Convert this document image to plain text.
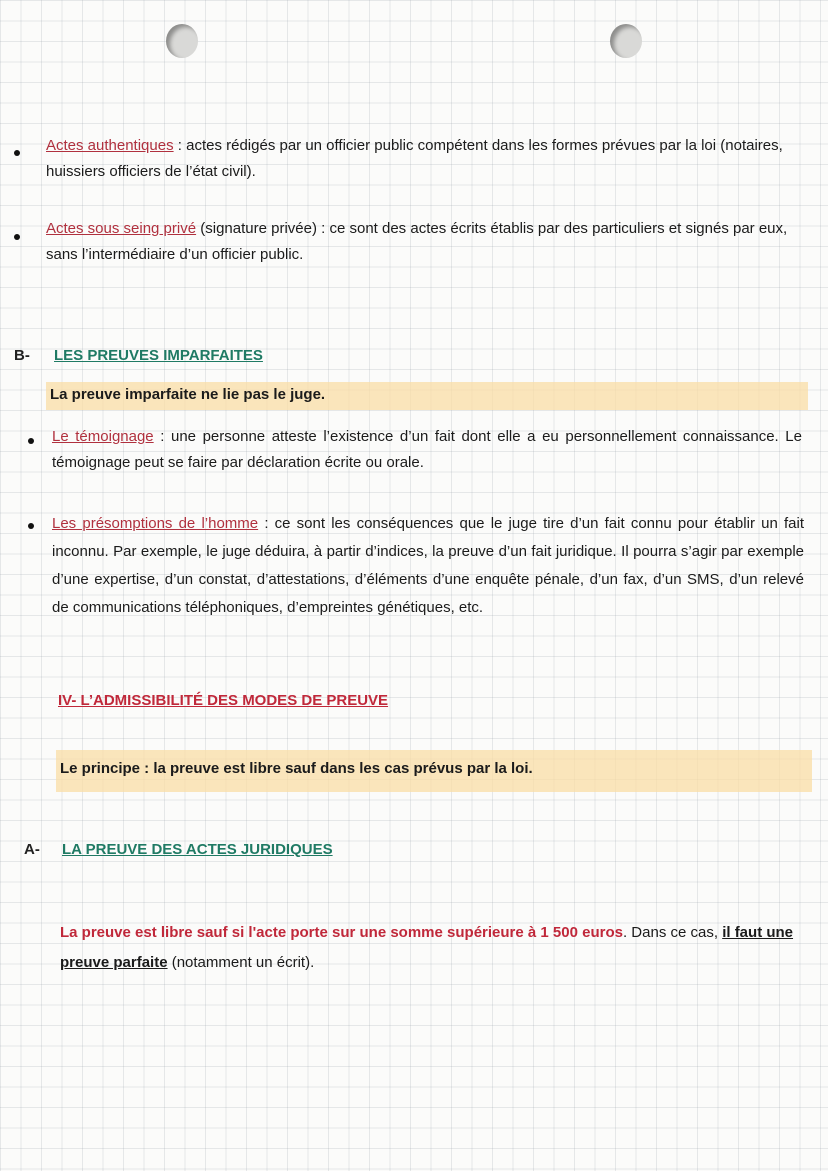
Actes authentiques : actes rédigés par un officier public compétent dans les formes prévues par la loi (notaires, huissiers officiers de l’état civil).
Actes sous seing privé (signature privée) : ce sont des actes écrits établis par des particuliers et signés par eux, sans l’intermédiaire d’un officier public.
B- LES PREUVES IMPARFAITES
La preuve imparfaite ne lie pas le juge.
Le témoignage : une personne atteste l’existence d’un fait dont elle a eu personnellement connaissance. Le témoignage peut se faire par déclaration écrite ou orale.
Les présomptions de l’homme : ce sont les conséquences que le juge tire d’un fait connu pour établir un fait inconnu. Par exemple, le juge déduira, à partir d’indices, la preuve d’un fait juridique. Il pourra s’agir par exemple d’une expertise, d’un constat, d’attestations, d’éléments d’une enquête pénale, d’un fax, d’un SMS, d’un relevé de communications téléphoniques, d’empreintes génétiques, etc.
IV- L’ADMISSIBILITÉ DES MODES DE PREUVE
Le principe : la preuve est libre sauf dans les cas prévus par la loi.
A- LA PREUVE DES ACTES JURIDIQUES
La preuve est libre sauf si l'acte porte sur une somme supérieure à 1 500 euros. Dans ce cas, il faut une preuve parfaite (notamment un écrit).
